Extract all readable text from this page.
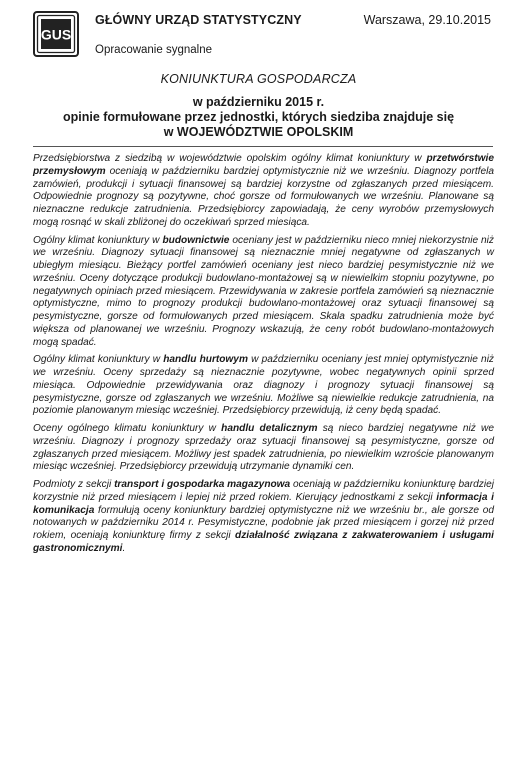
GUS
GŁÓWNY URZĄD STATYSTYCZNY	Warszawa, 29.10.2015
Opracowanie sygnalne
KONIUNKTURA GOSPODARCZA
w październiku 2015 r.
opinie formułowane przez jednostki, których siedziba znajduje się
w WOJEWÓDZTWIE OPOLSKIM

Przedsiębiorstwa z siedzibą w województwie opolskim ogólny klimat koniunktury w przetwórstwie przemysłowym oceniają w październiku bardziej optymistycznie niż we wrześniu. Diagnozy portfela zamówień, produkcji i sytuacji finansowej są bardziej korzystne od zgłaszanych przed miesiącem. Odpowiednie prognozy są pozytywne, choć gorsze od formułowanych we wrześniu. Planowane są nieznaczne redukcje zatrudnienia. Przedsiębiorcy zapowiadają, że ceny wyrobów przemysłowych mogą rosnąć w skali zbliżonej do oczekiwań sprzed miesiąca.

Ogólny klimat koniunktury w budownictwie oceniany jest w październiku nieco mniej niekorzystnie niż we wrześniu. Diagnozy sytuacji finansowej są nieznacznie mniej negatywne od zgłaszanych w ubiegłym miesiącu. Bieżący portfel zamówień oceniany jest nieco bardziej pesymistycznie niż we wrześniu. Oceny dotyczące produkcji budowlano-montażowej są w niewielkim stopniu pozytywne, po negatywnych opiniach przed miesiącem. Przewidywania w zakresie portfela zamówień są nieznacznie optymistyczne, mimo to prognozy produkcji budowlano-montażowej oraz sytuacji finansowej są pesymistyczne, gorsze od formułowanych przed miesiącem. Skala spadku zatrudnienia może być większa od planowanej we wrześniu. Prognozy wskazują, że ceny robót budowlano-montażowych mogą spadać.

Ogólny klimat koniunktury w handlu hurtowym w październiku oceniany jest mniej optymistycznie niż we wrześniu. Oceny sprzedaży są nieznacznie pozytywne, wobec negatywnych opinii sprzed miesiąca. Odpowiednie przewidywania oraz diagnozy i prognozy sytuacji finansowej są pesymistyczne, gorsze od zgłaszanych we wrześniu. Możliwe są niewielkie redukcje zatrudnienia, na poziomie planowanym miesiąc wcześniej. Przedsiębiorcy przewidują, iż ceny będą spadać.

Oceny ogólnego klimatu koniunktury w handlu detalicznym są nieco bardziej negatywne niż we wrześniu. Diagnozy i prognozy sprzedaży oraz sytuacji finansowej są pesymistyczne, gorsze od zgłaszanych przed miesiącem. Możliwy jest spadek zatrudnienia, po niewielkim wzroście planowanym miesiąc wcześniej. Przedsiębiorcy przewidują utrzymanie dynamiki cen.

Podmioty z sekcji transport i gospodarka magazynowa oceniają w październiku koniunkturę bardziej korzystnie niż przed miesiącem i lepiej niż przed rokiem. Kierujący jednostkami z sekcji informacja i komunikacja formułują oceny koniunktury bardziej optymistyczne niż we wrześniu br., ale gorsze od notowanych w październiku 2014 r. Pesymistyczne, podobnie jak przed miesiącem i gorzej niż przed rokiem, oceniają koniunkturę firmy z sekcji działalność związana z zakwaterowaniem i usługami gastronomicznymi.
